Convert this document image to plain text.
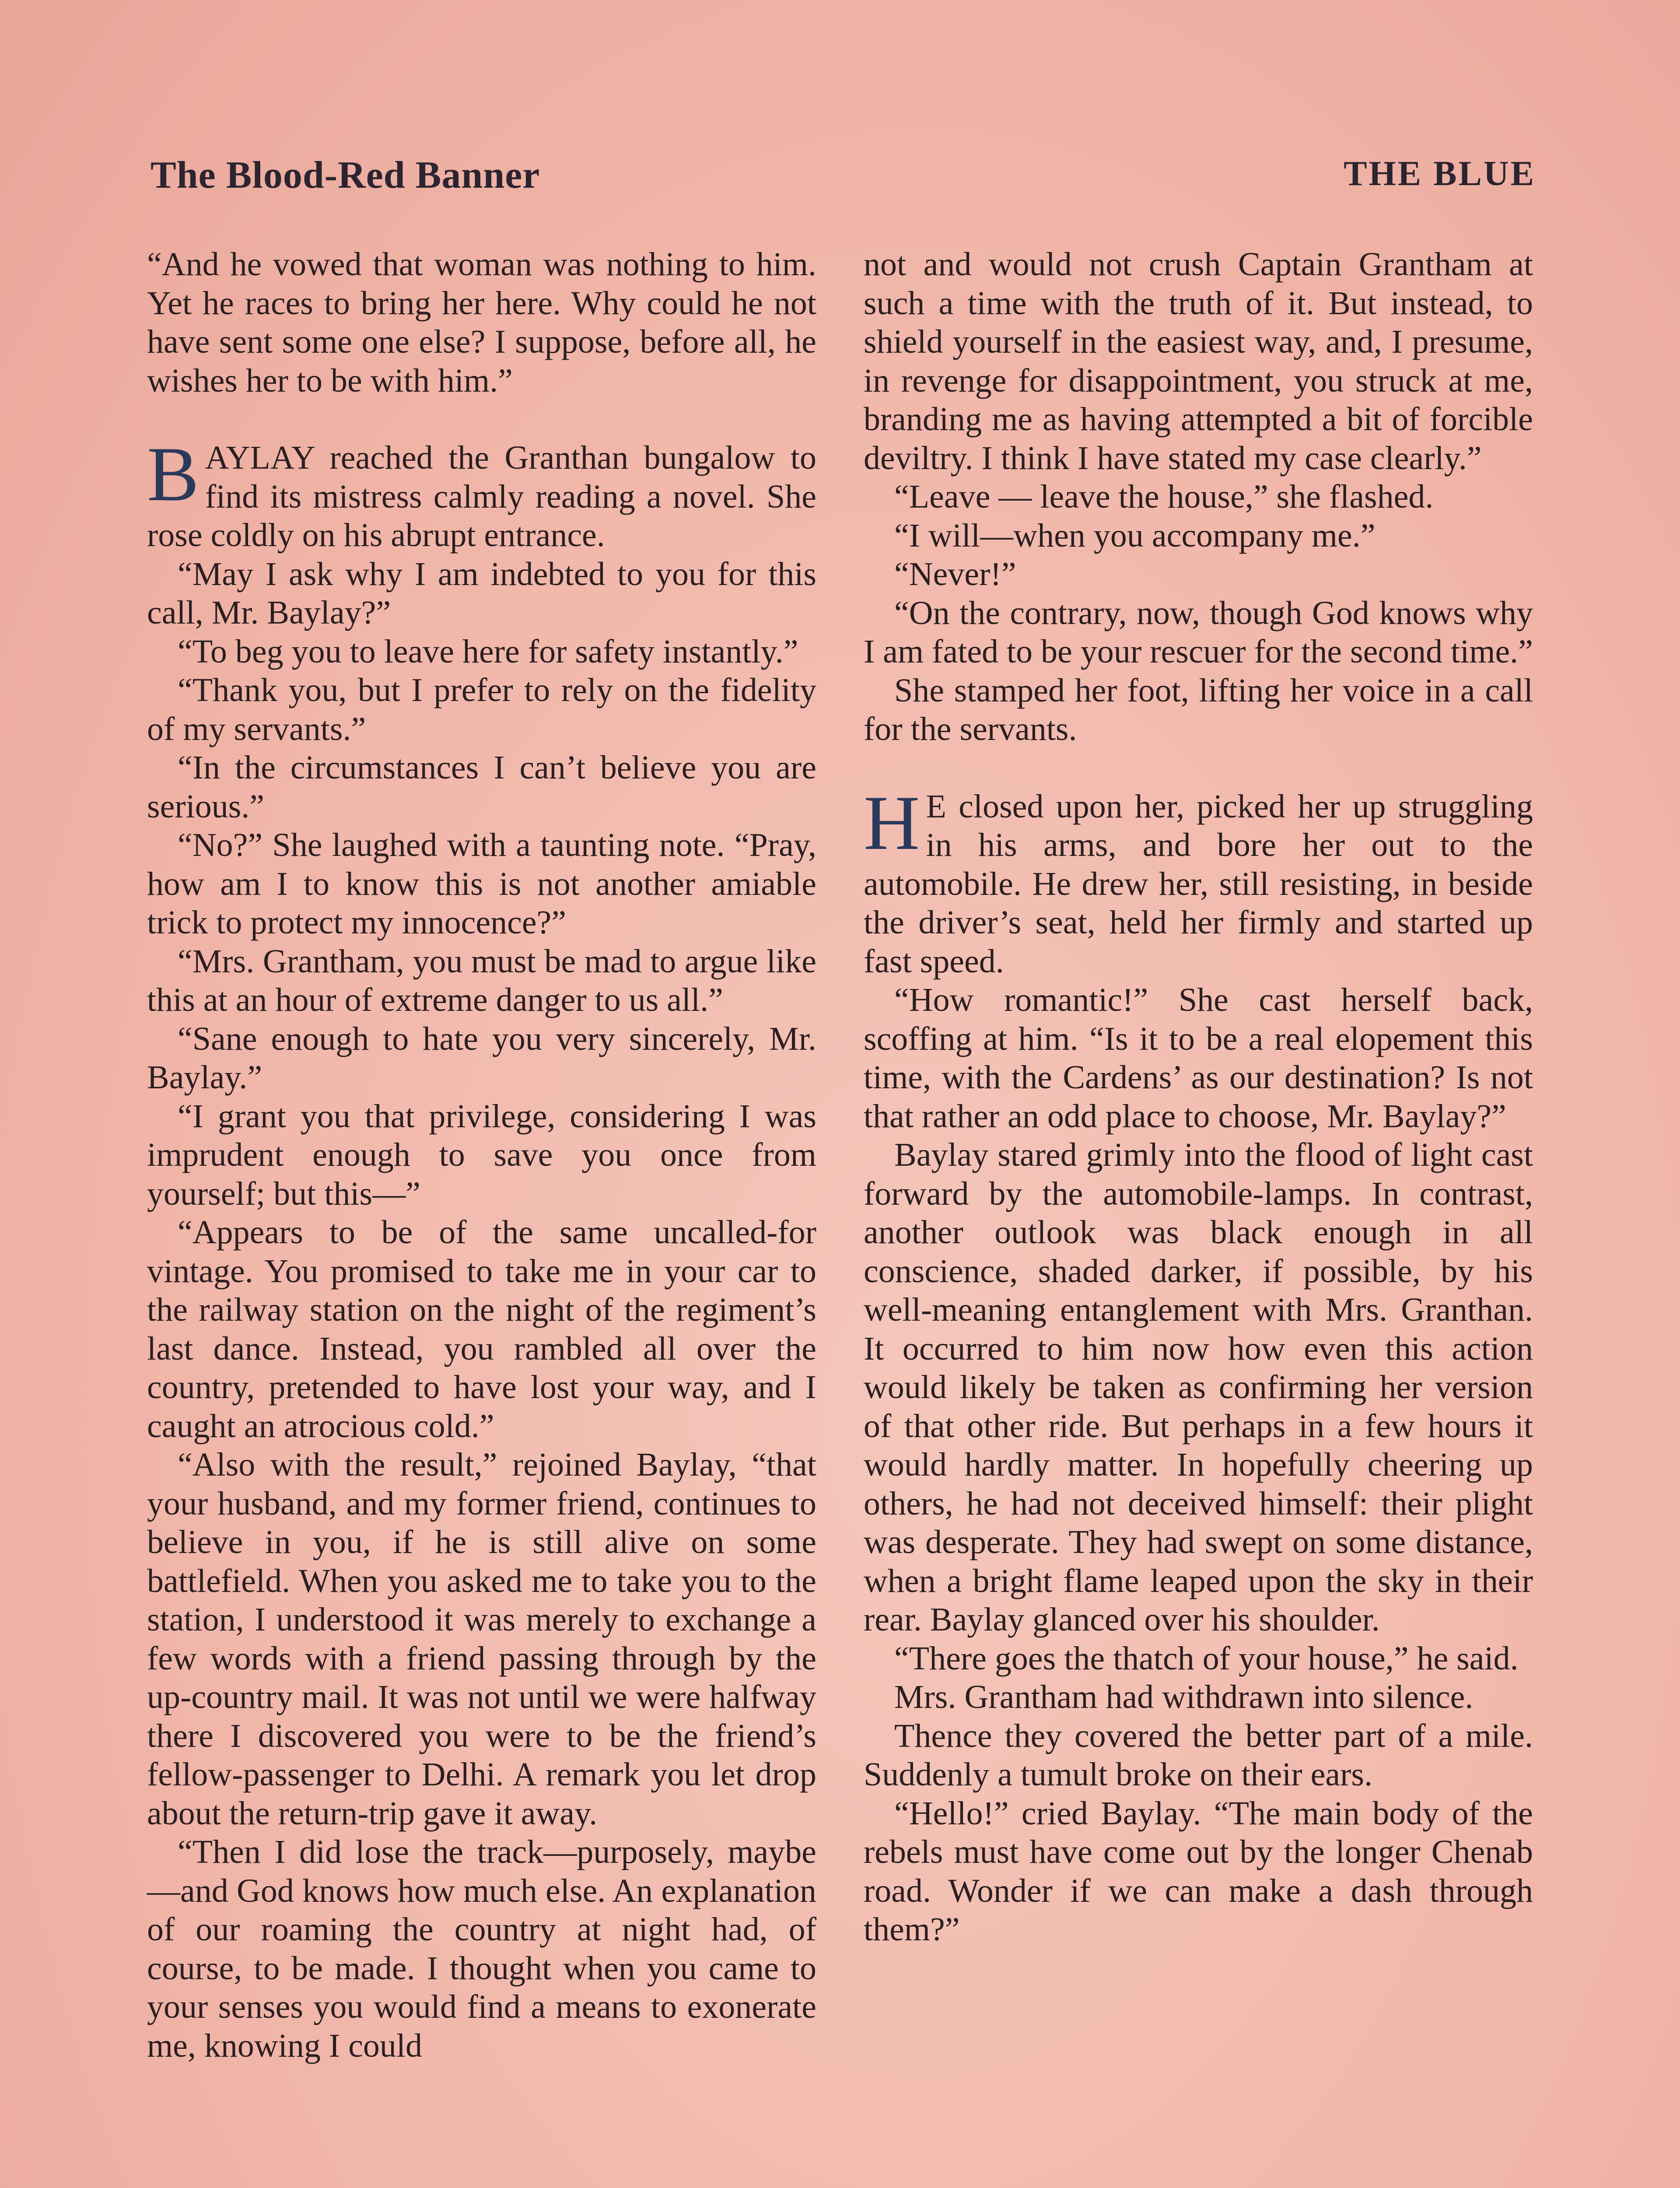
The Blood-Red Banner	THE BLUE

“And he vowed that woman was nothing to him. Yet he races to bring her here. Why could he not have sent some one else? I suppose, before all, he wishes her to be with him.”

BAYLAY reached the Granthan bungalow to find its mistress calmly reading a novel. She rose coldly on his abrupt entrance.

“May I ask why I am indebted to you for this call, Mr. Baylay?”

“To beg you to leave here for safety instantly.”

“Thank you, but I prefer to rely on the fidelity of my servants.”

“In the circumstances I can’t believe you are serious.”

“No?” She laughed with a taunting note. “Pray, how am I to know this is not another amiable trick to protect my innocence?”

“Mrs. Grantham, you must be mad to argue like this at an hour of extreme danger to us all.”

“Sane enough to hate you very sincerely, Mr. Baylay.”

“I grant you that privilege, considering I was imprudent enough to save you once from yourself; but this—”

“Appears to be of the same uncalled-for vintage. You promised to take me in your car to the railway station on the night of the regiment’s last dance. Instead, you rambled all over the country, pretended to have lost your way, and I caught an atrocious cold.”

“Also with the result,” rejoined Baylay, “that your husband, and my former friend, continues to believe in you, if he is still alive on some battlefield. When you asked me to take you to the station, I understood it was merely to exchange a few words with a friend passing through by the up-country mail. It was not until we were halfway there I discovered you were to be the friend’s fellow-passenger to Delhi. A remark you let drop about the return-trip gave it away.

“Then I did lose the track—purposely, maybe—and God knows how much else. An explanation of our roaming the country at night had, of course, to be made. I thought when you came to your senses you would find a means to exonerate me, knowing I could

not and would not crush Captain Grantham at such a time with the truth of it. But instead, to shield yourself in the easiest way, and, I presume, in revenge for disappointment, you struck at me, branding me as having attempted a bit of forcible deviltry. I think I have stated my case clearly.”

“Leave — leave the house,” she flashed.

“I will—when you accompany me.”

“Never!”

“On the contrary, now, though God knows why I am fated to be your rescuer for the second time.”

She stamped her foot, lifting her voice in a call for the servants.

H E closed upon her, picked her up struggling in his arms, and bore her out to the automobile. He drew her, still resisting, in beside the driver’s seat, held her firmly and started up fast speed.

“How romantic!” She cast herself back, scoffing at him. “Is it to be a real elopement this time, with the Cardens’ as our destination? Is not that rather an odd place to choose, Mr. Baylay?”

Baylay stared grimly into the flood of light cast forward by the automobile-lamps. In contrast, another outlook was black enough in all conscience, shaded darker, if possible, by his well-meaning entanglement with Mrs. Granthan. It occurred to him now how even this action would likely be taken as confirming her version of that other ride. But perhaps in a few hours it would hardly matter. In hopefully cheering up others, he had not deceived himself: their plight was desperate. They had swept on some distance, when a bright flame leaped upon the sky in their rear. Baylay glanced over his shoulder.

“There goes the thatch of your house,” he said.

Mrs. Grantham had withdrawn into silence.

Thence they covered the better part of a mile. Suddenly a tumult broke on their ears.

“Hello!” cried Baylay. “The main body of the rebels must have come out by the longer Chenab road. Wonder if we can make a dash through them?”
